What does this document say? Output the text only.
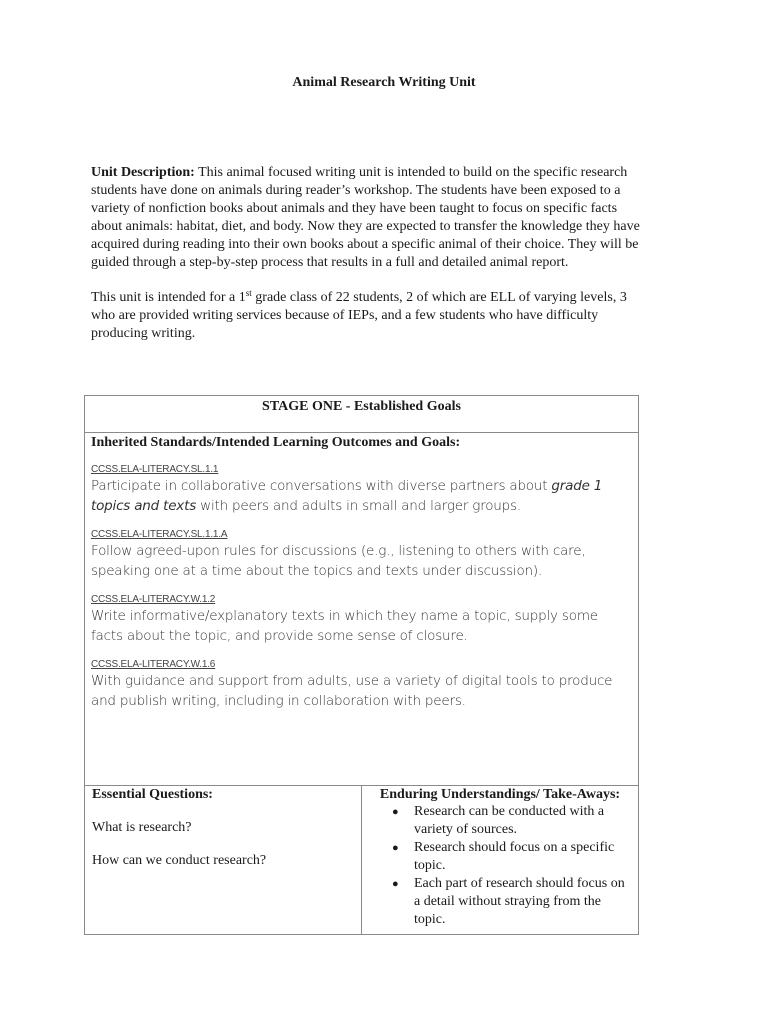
Animal Research Writing Unit

Unit Description: This animal focused writing unit is intended to build on the specific research students have done on animals during reader’s workshop. The students have been exposed to a variety of nonfiction books about animals and they have been taught to focus on specific facts about animals: habitat, diet, and body. Now they are expected to transfer the knowledge they have acquired during reading into their own books about a specific animal of their choice. They will be guided through a step-by-step process that results in a full and detailed animal report.

This unit is intended for a 1st grade class of 22 students, 2 of which are ELL of varying levels, 3 who are provided writing services because of IEPs, and a few students who have difficulty producing writing.

STAGE ONE - Established Goals

Inherited Standards/Intended Learning Outcomes and Goals:
CCSS.ELA-LITERACY.SL.1.1
Participate in collaborative conversations with diverse partners about grade 1 topics and texts with peers and adults in small and larger groups.
CCSS.ELA-LITERACY.SL.1.1.A
Follow agreed-upon rules for discussions (e.g., listening to others with care, speaking one at a time about the topics and texts under discussion).
CCSS.ELA-LITERACY.W.1.2
Write informative/explanatory texts in which they name a topic, supply some facts about the topic, and provide some sense of closure.
CCSS.ELA-LITERACY.W.1.6
With guidance and support from adults, use a variety of digital tools to produce and publish writing, including in collaboration with peers.

Essential Questions:
What is research?
How can we conduct research?

Enduring Understandings/ Take-Aways:
● Research can be conducted with a variety of sources.
● Research should focus on a specific topic.
● Each part of research should focus on a detail without straying from the topic.
